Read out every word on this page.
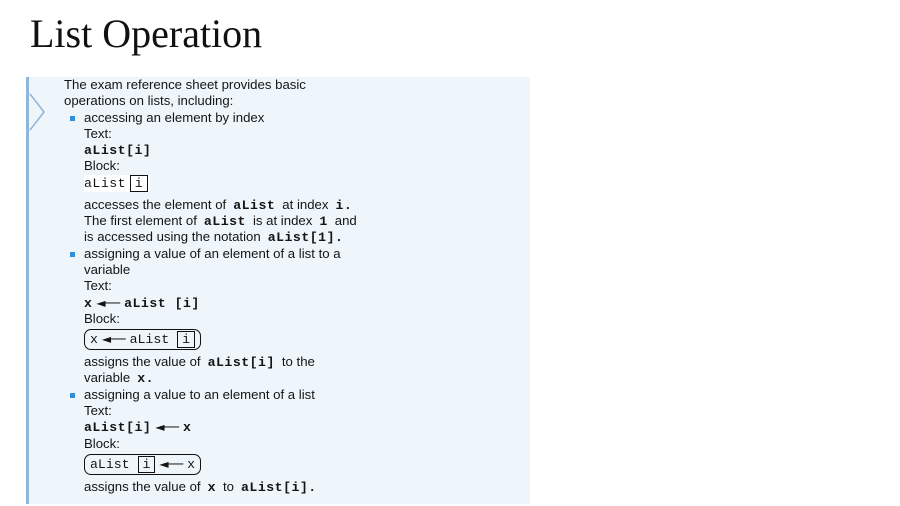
List Operation
The exam reference sheet provides basic
operations on lists, including:
accessing an element by index
Text:
aList[i]
Block:
aList i
accesses the element of aList at index i.
The first element of aList is at index 1 and
is accessed using the notation aList[1].
assigning a value of an element of a list to a
variable
Text:
x ◄── aList [i]
Block:
x ◄── aList i
assigns the value of aList[i] to the
variable x.
assigning a value to an element of a list
Text:
aList[i] ◄── x
Block:
aList i ◄── x
assigns the value of x to aList[i].
